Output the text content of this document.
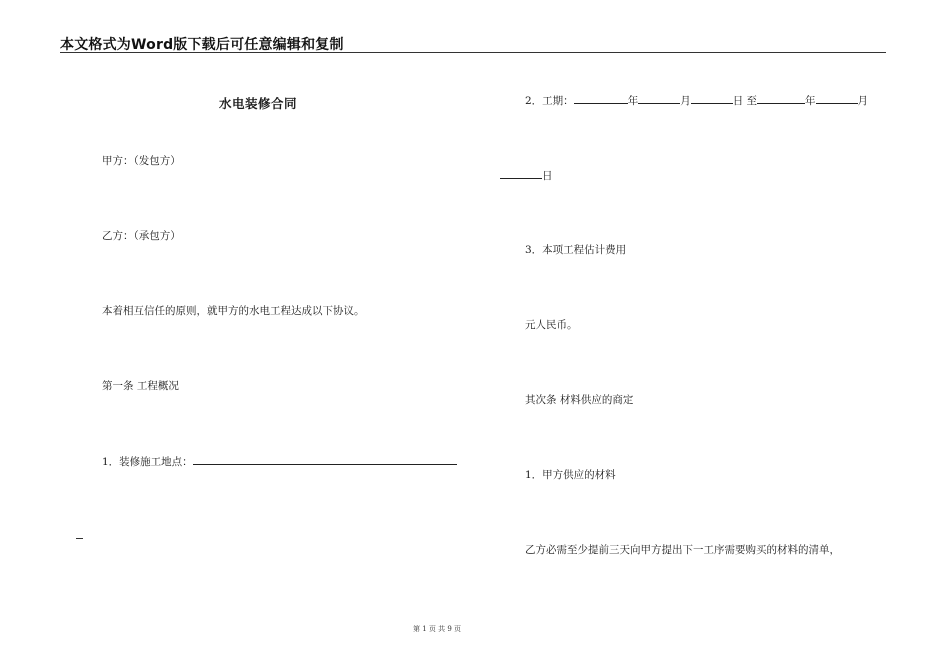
本文格式为Word版下载后可任意编辑和复制
水电装修合同
甲方：（发包方）
乙方：（承包方）
本着相互信任的原则，就甲方的水电工程达成以下协议。
第一条 工程概况
1．装修施工地点：
2．工期：	年	月	日 至	年	月
日
3．本项工程估计费用
元人民币。
其次条 材料供应的商定
1．甲方供应的材料
乙方必需至少提前三天向甲方提出下一工序需要购买的材料的清单，
第 1 页 共 9 页
